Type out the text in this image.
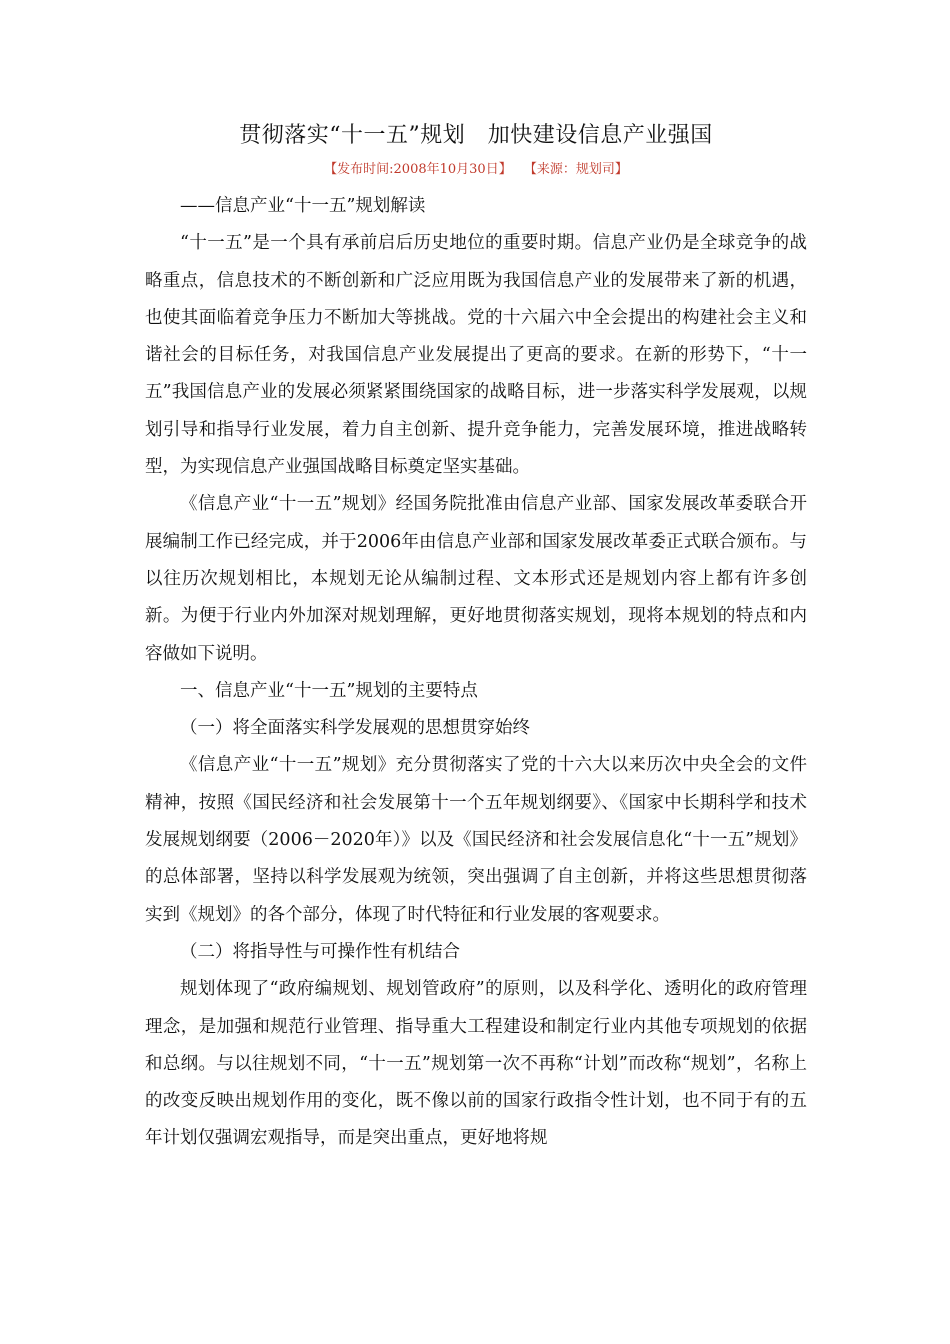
贯彻落实“十一五”规划　加快建设信息产业强国
【发布时间:2008年10月30日】 【来源：规划司】

——信息产业“十一五”规划解读

“十一五”是一个具有承前启后历史地位的重要时期。信息产业仍是全球竞争的战略重点，信息技术的不断创新和广泛应用既为我国信息产业的发展带来了新的机遇，也使其面临着竞争压力不断加大等挑战。党的十六届六中全会提出的构建社会主义和谐社会的目标任务，对我国信息产业发展提出了更高的要求。在新的形势下，“十一五”我国信息产业的发展必须紧紧围绕国家的战略目标，进一步落实科学发展观，以规划引导和指导行业发展，着力自主创新、提升竞争能力，完善发展环境，推进战略转型，为实现信息产业强国战略目标奠定坚实基础。

《信息产业“十一五”规划》经国务院批准由信息产业部、国家发展改革委联合开展编制工作已经完成，并于2006年由信息产业部和国家发展改革委正式联合颁布。与以往历次规划相比，本规划无论从编制过程、文本形式还是规划内容上都有许多创新。为便于行业内外加深对规划理解，更好地贯彻落实规划，现将本规划的特点和内容做如下说明。

一、信息产业“十一五”规划的主要特点

（一）将全面落实科学发展观的思想贯穿始终

《信息产业“十一五”规划》充分贯彻落实了党的十六大以来历次中央全会的文件精神，按照《国民经济和社会发展第十一个五年规划纲要》、《国家中长期科学和技术发展规划纲要（2006－2020年）》以及《国民经济和社会发展信息化“十一五”规划》的总体部署，坚持以科学发展观为统领，突出强调了自主创新，并将这些思想贯彻落实到《规划》的各个部分，体现了时代特征和行业发展的客观要求。

（二）将指导性与可操作性有机结合

规划体现了“政府编规划、规划管政府”的原则，以及科学化、透明化的政府管理理念，是加强和规范行业管理、指导重大工程建设和制定行业内其他专项规划的依据和总纲。与以往规划不同，“十一五”规划第一次不再称“计划”而改称“规划”，名称上的改变反映出规划作用的变化，既不像以前的国家行政指令性计划，也不同于有的五年计划仅强调宏观指导，而是突出重点，更好地将规
